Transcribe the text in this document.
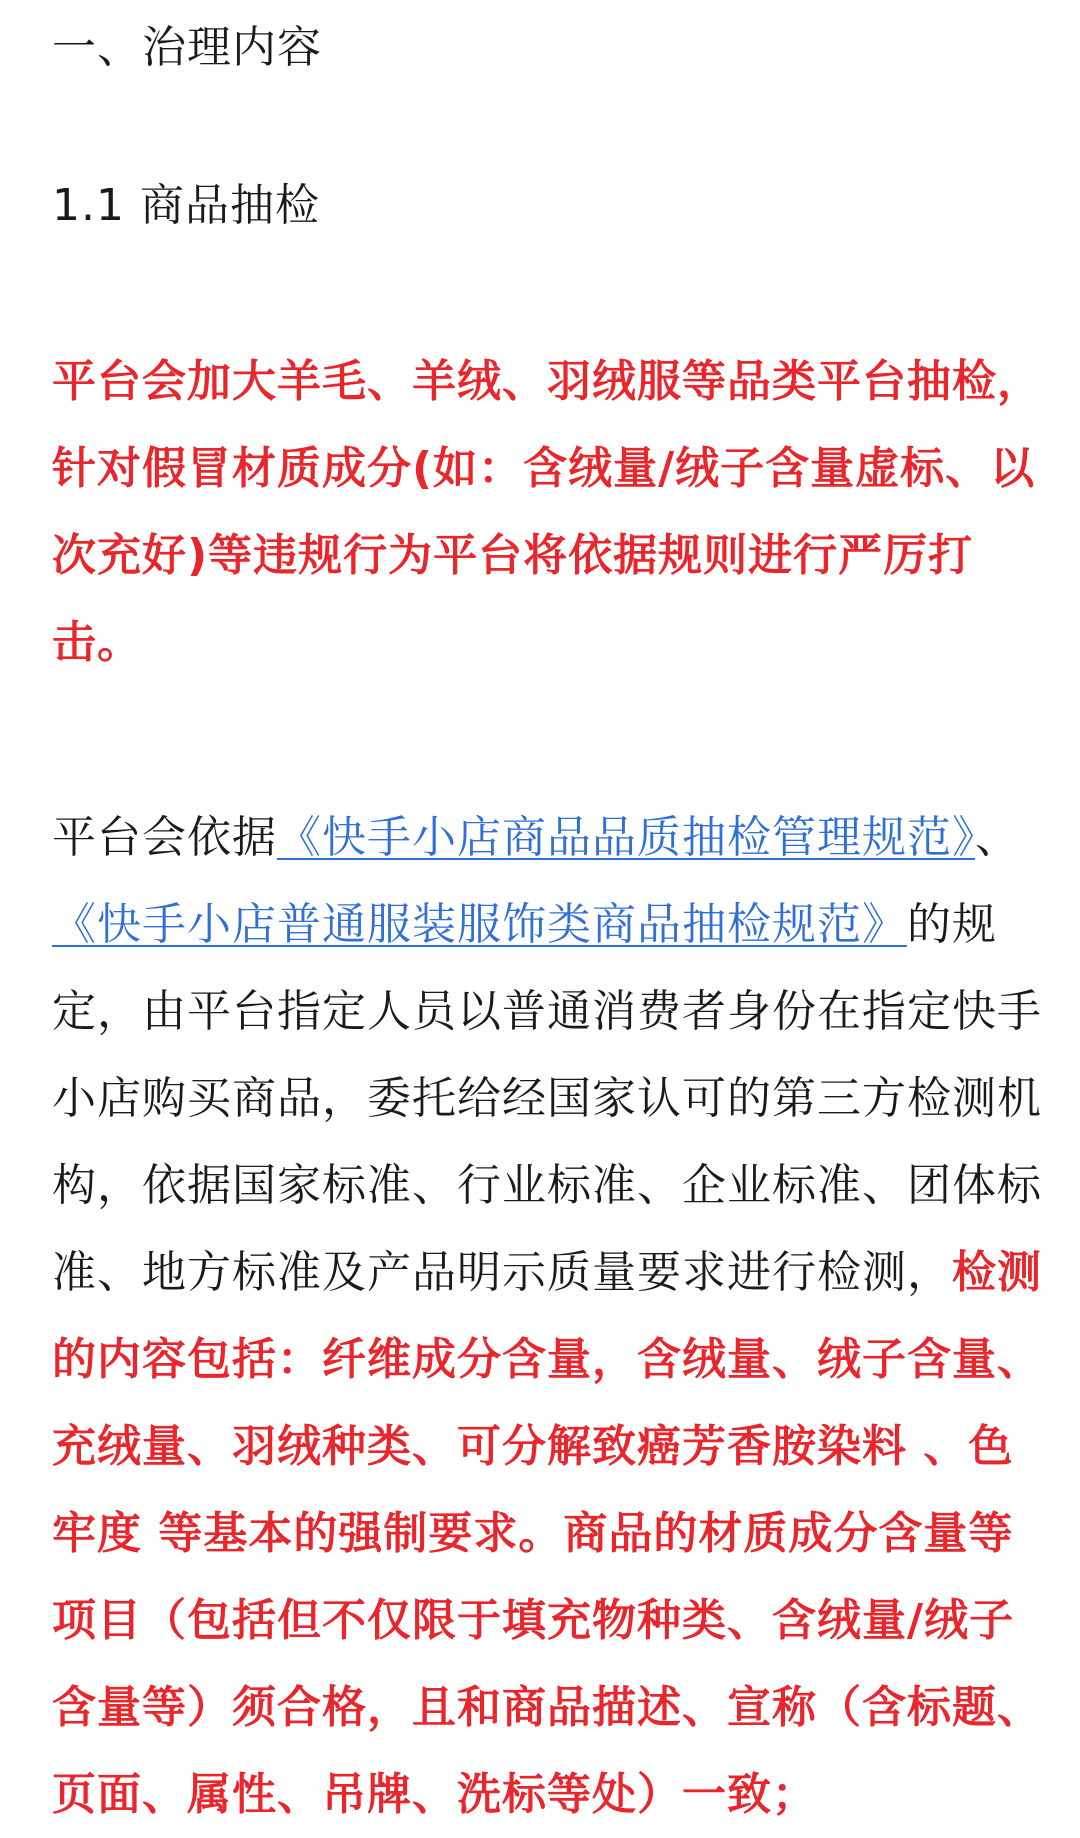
一、治理内容
1.1 商品抽检

平台会加大羊毛、羊绒、羽绒服等品类平台抽检，针对假冒材质成分(如：含绒量/绒子含量虚标、以次充好)等违规行为平台将依据规则进行严厉打击。

平台会依据《快手小店商品品质抽检管理规范》、《快手小店普通服装服饰类商品抽检规范》的规定，由平台指定人员以普通消费者身份在指定快手小店购买商品，委托给经国家认可的第三方检测机构，依据国家标准、行业标准、企业标准、团体标准、地方标准及产品明示质量要求进行检测，检测的内容包括：纤维成分含量，含绒量、绒子含量、充绒量、羽绒种类、可分解致癌芳香胺染料 、色牢度 等基本的强制要求。商品的材质成分含量等项目（包括但不仅限于填充物种类、含绒量/绒子含量等）须合格，且和商品描述、宣称（含标题、页面、属性、吊牌、洗标等处）一致；
